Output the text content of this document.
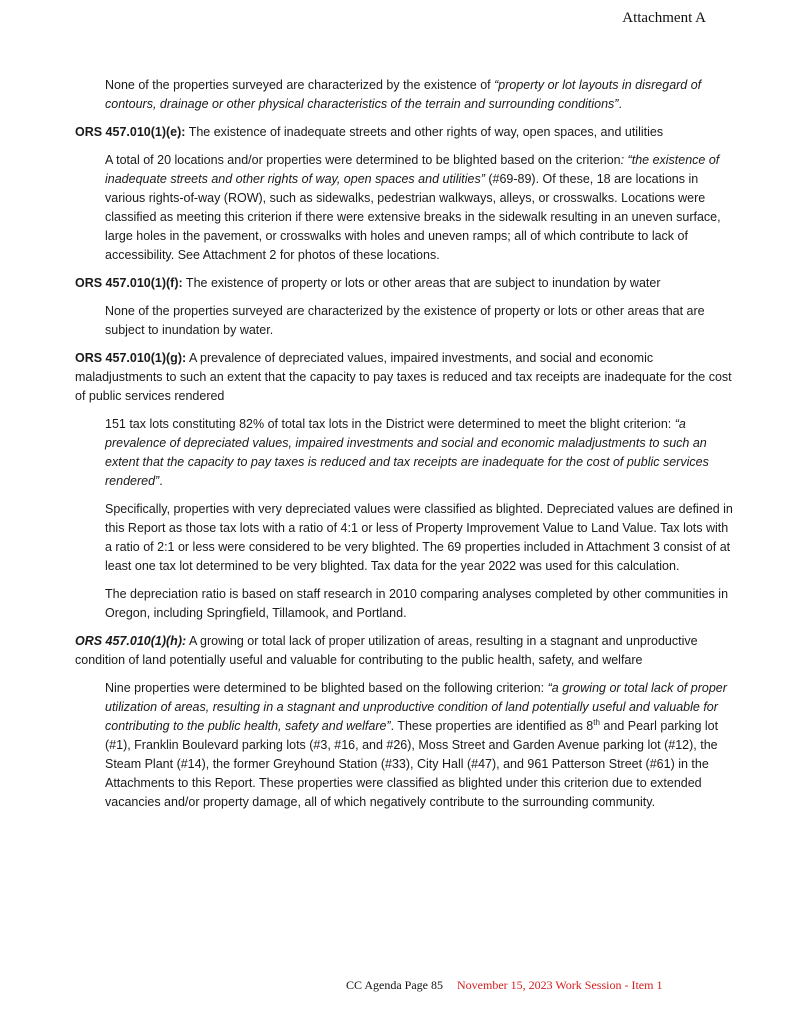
Attachment A

None of the properties surveyed are characterized by the existence of “property or lot layouts in disregard of contours, drainage or other physical characteristics of the terrain and surrounding conditions”.

ORS 457.010(1)(e): The existence of inadequate streets and other rights of way, open spaces, and utilities

A total of 20 locations and/or properties were determined to be blighted based on the criterion: “the existence of inadequate streets and other rights of way, open spaces and utilities” (#69-89). Of these, 18 are locations in various rights-of-way (ROW), such as sidewalks, pedestrian walkways, alleys, or crosswalks. Locations were classified as meeting this criterion if there were extensive breaks in the sidewalk resulting in an uneven surface, large holes in the pavement, or crosswalks with holes and uneven ramps; all of which contribute to lack of accessibility. See Attachment 2 for photos of these locations.

ORS 457.010(1)(f): The existence of property or lots or other areas that are subject to inundation by water

None of the properties surveyed are characterized by the existence of property or lots or other areas that are subject to inundation by water.

ORS 457.010(1)(g): A prevalence of depreciated values, impaired investments, and social and economic maladjustments to such an extent that the capacity to pay taxes is reduced and tax receipts are inadequate for the cost of public services rendered

151 tax lots constituting 82% of total tax lots in the District were determined to meet the blight criterion: “a prevalence of depreciated values, impaired investments and social and economic maladjustments to such an extent that the capacity to pay taxes is reduced and tax receipts are inadequate for the cost of public services rendered”.

Specifically, properties with very depreciated values were classified as blighted. Depreciated values are defined in this Report as those tax lots with a ratio of 4:1 or less of Property Improvement Value to Land Value. Tax lots with a ratio of 2:1 or less were considered to be very blighted. The 69 properties included in Attachment 3 consist of at least one tax lot determined to be very blighted. Tax data for the year 2022 was used for this calculation.

The depreciation ratio is based on staff research in 2010 comparing analyses completed by other communities in Oregon, including Springfield, Tillamook, and Portland.

ORS 457.010(1)(h): A growing or total lack of proper utilization of areas, resulting in a stagnant and unproductive condition of land potentially useful and valuable for contributing to the public health, safety, and welfare

Nine properties were determined to be blighted based on the following criterion: “a growing or total lack of proper utilization of areas, resulting in a stagnant and unproductive condition of land potentially useful and valuable for contributing to the public health, safety and welfare”. These properties are identified as 8th and Pearl parking lot (#1), Franklin Boulevard parking lots (#3, #16, and #26), Moss Street and Garden Avenue parking lot (#12), the Steam Plant (#14), the former Greyhound Station (#33), City Hall (#47), and 961 Patterson Street (#61) in the Attachments to this Report. These properties were classified as blighted under this criterion due to extended vacancies and/or property damage, all of which negatively contribute to the surrounding community.

CC Agenda Page 85 November 15, 2023 Work Session - Item 1
